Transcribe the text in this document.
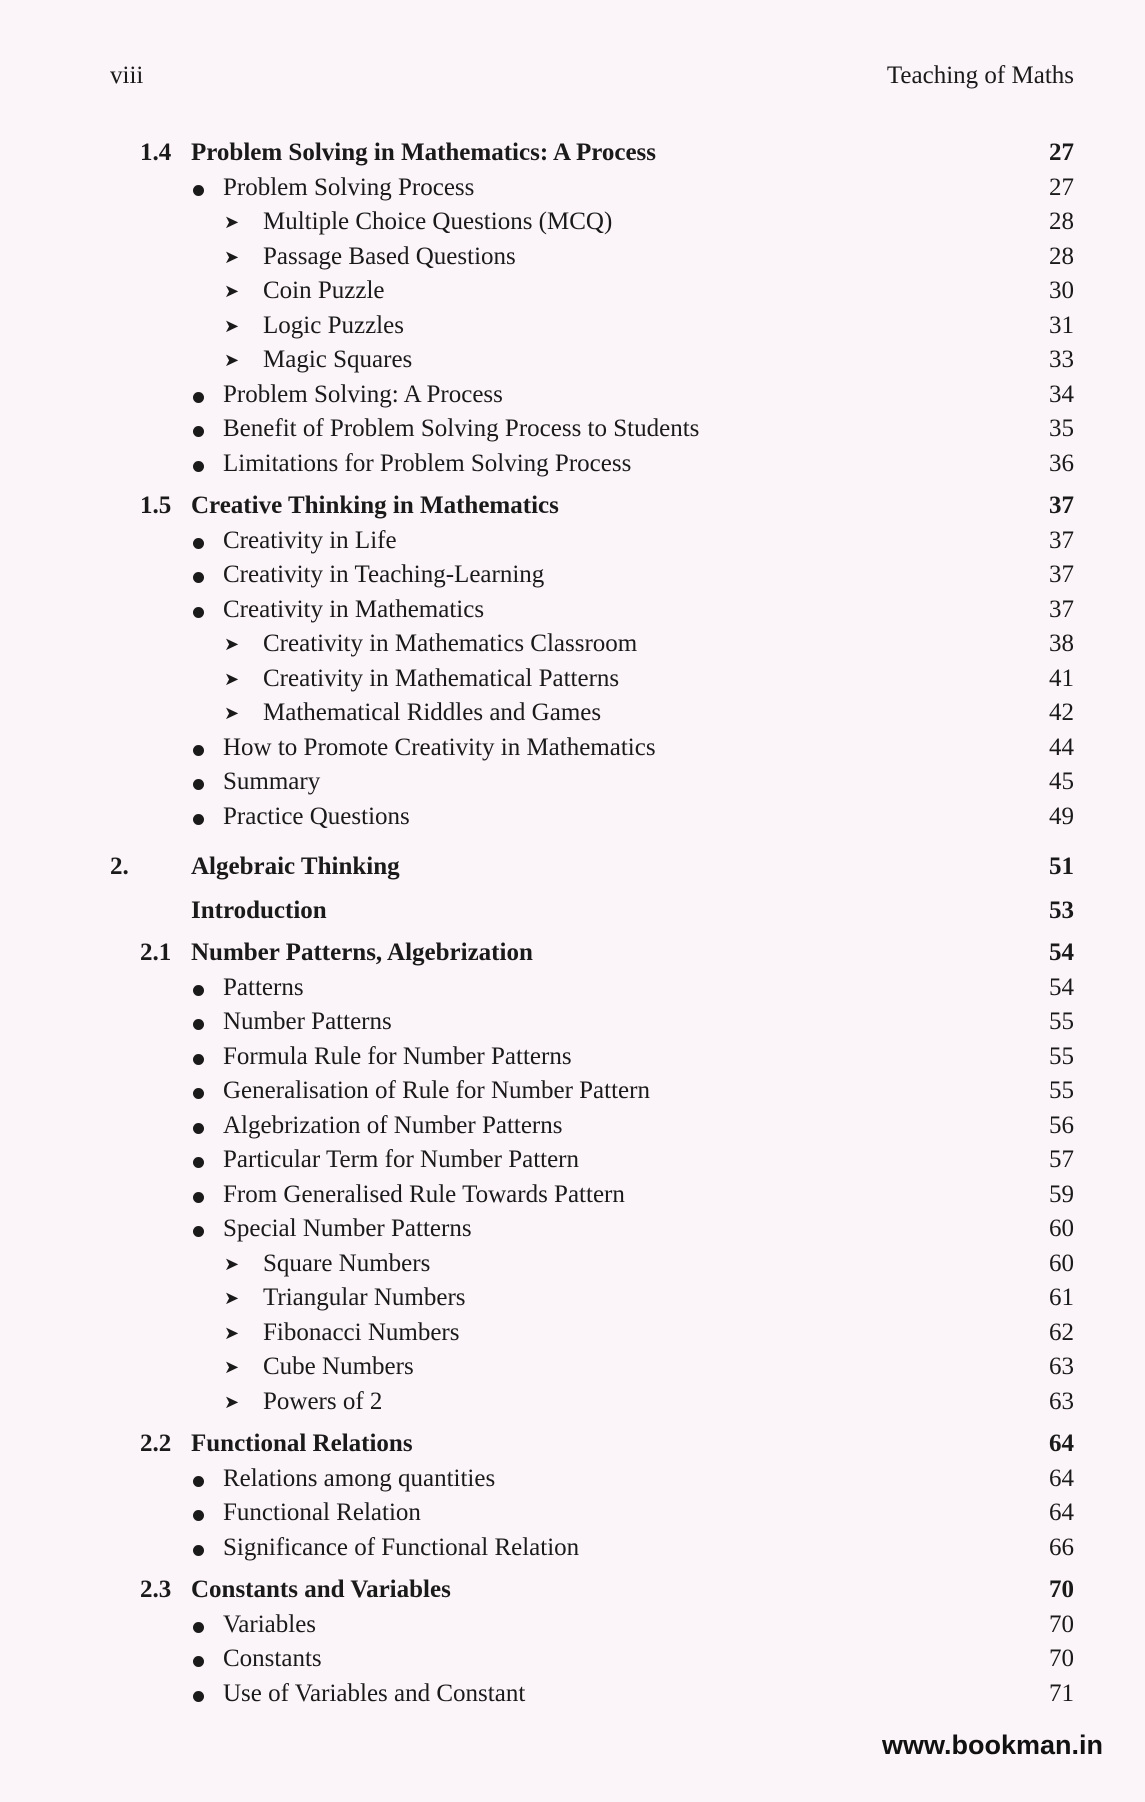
viii	Teaching of Maths
1.4 Problem Solving in Mathematics: A Process	27
Problem Solving Process	27
➤ Multiple Choice Questions (MCQ)	28
➤ Passage Based Questions	28
➤ Coin Puzzle	30
➤ Logic Puzzles	31
➤ Magic Squares	33
Problem Solving: A Process	34
Benefit of Problem Solving Process to Students	35
Limitations for Problem Solving Process	36
1.5 Creative Thinking in Mathematics	37
Creativity in Life	37
Creativity in Teaching-Learning	37
Creativity in Mathematics	37
➤ Creativity in Mathematics Classroom	38
➤ Creativity in Mathematical Patterns	41
➤ Mathematical Riddles and Games	42
How to Promote Creativity in Mathematics	44
Summary	45
Practice Questions	49
2. Algebraic Thinking	51
Introduction	53
2.1 Number Patterns, Algebrization	54
Patterns	54
Number Patterns	55
Formula Rule for Number Patterns	55
Generalisation of Rule for Number Pattern	55
Algebrization of Number Patterns	56
Particular Term for Number Pattern	57
From Generalised Rule Towards Pattern	59
Special Number Patterns	60
➤ Square Numbers	60
➤ Triangular Numbers	61
➤ Fibonacci Numbers	62
➤ Cube Numbers	63
➤ Powers of 2	63
2.2 Functional Relations	64
Relations among quantities	64
Functional Relation	64
Significance of Functional Relation	66
2.3 Constants and Variables	70
Variables	70
Constants	70
Use of Variables and Constant	71
www.bookman.in
